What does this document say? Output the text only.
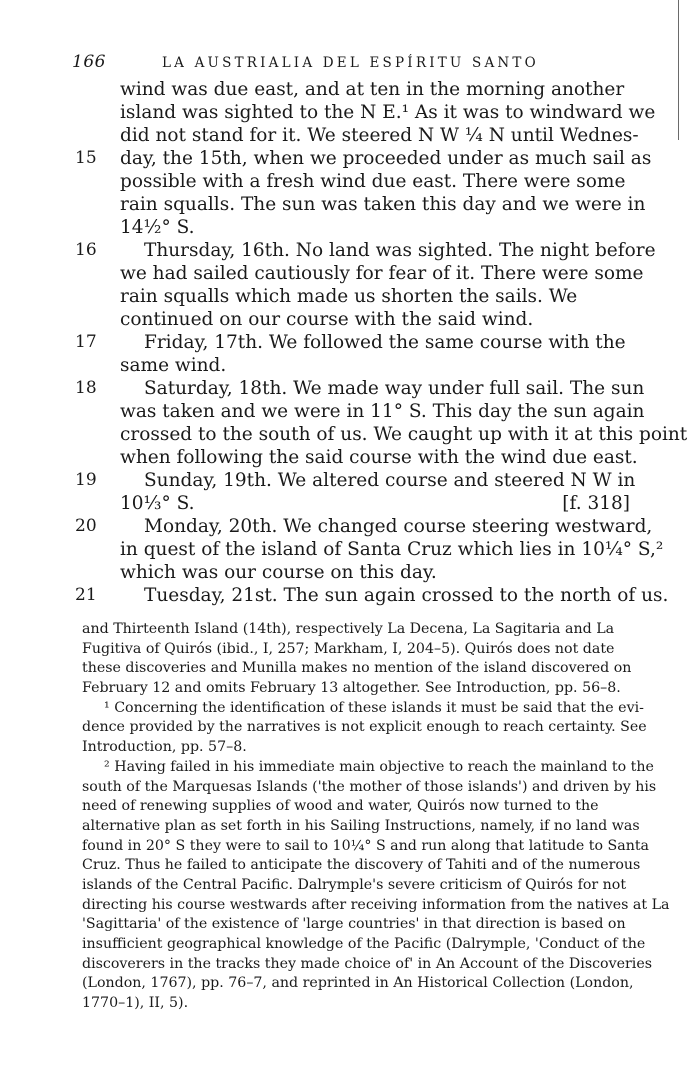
166	LA AUSTRIALIA DEL ESPÍRITU SANTO
wind was due east, and at ten in the morning another
island was sighted to the N E.¹ As it was to windward we
did not stand for it. We steered N W ¼ N until Wednes-
15 day, the 15th, when we proceeded under as much sail as
possible with a fresh wind due east. There were some
rain squalls. The sun was taken this day and we were in
14½° S.
16	Thursday, 16th. No land was sighted. The night before
we had sailed cautiously for fear of it. There were some
rain squalls which made us shorten the sails. We
continued on our course with the said wind.
17	Friday, 17th. We followed the same course with the
same wind.
18	Saturday, 18th. We made way under full sail. The sun
was taken and we were in 11° S. This day the sun again
crossed to the south of us. We caught up with it at this point
when following the said course with the wind due east.
19	Sunday, 19th. We altered course and steered N W in
10⅓° S.	[f. 318]
20	Monday, 20th. We changed course steering westward,
in quest of the island of Santa Cruz which lies in 10¼° S,²
which was our course on this day.
21	Tuesday, 21st. The sun again crossed to the north of us.
and Thirteenth Island (14th), respectively La Decena, La Sagitaria and La
Fugitiva of Quirós (ibid., I, 257; Markham, I, 204–5). Quirós does not date
these discoveries and Munilla makes no mention of the island discovered on
February 12 and omits February 13 altogether. See Introduction, pp. 56–8.
¹ Concerning the identification of these islands it must be said that the evi-
dence provided by the narratives is not explicit enough to reach certainty. See
Introduction, pp. 57–8.
² Having failed in his immediate main objective to reach the mainland to the
south of the Marquesas Islands ('the mother of those islands') and driven by his
need of renewing supplies of wood and water, Quirós now turned to the
alternative plan as set forth in his Sailing Instructions, namely, if no land was
found in 20° S they were to sail to 10¼° S and run along that latitude to Santa
Cruz. Thus he failed to anticipate the discovery of Tahiti and of the numerous
islands of the Central Pacific. Dalrymple's severe criticism of Quirós for not
directing his course westwards after receiving information from the natives at La
'Sagittaria' of the existence of 'large countries' in that direction is based on
insufficient geographical knowledge of the Pacific (Dalrymple, 'Conduct of the
discoverers in the tracks they made choice of' in An Account of the Discoveries
(London, 1767), pp. 76–7, and reprinted in An Historical Collection (London,
1770–1), II, 5).
